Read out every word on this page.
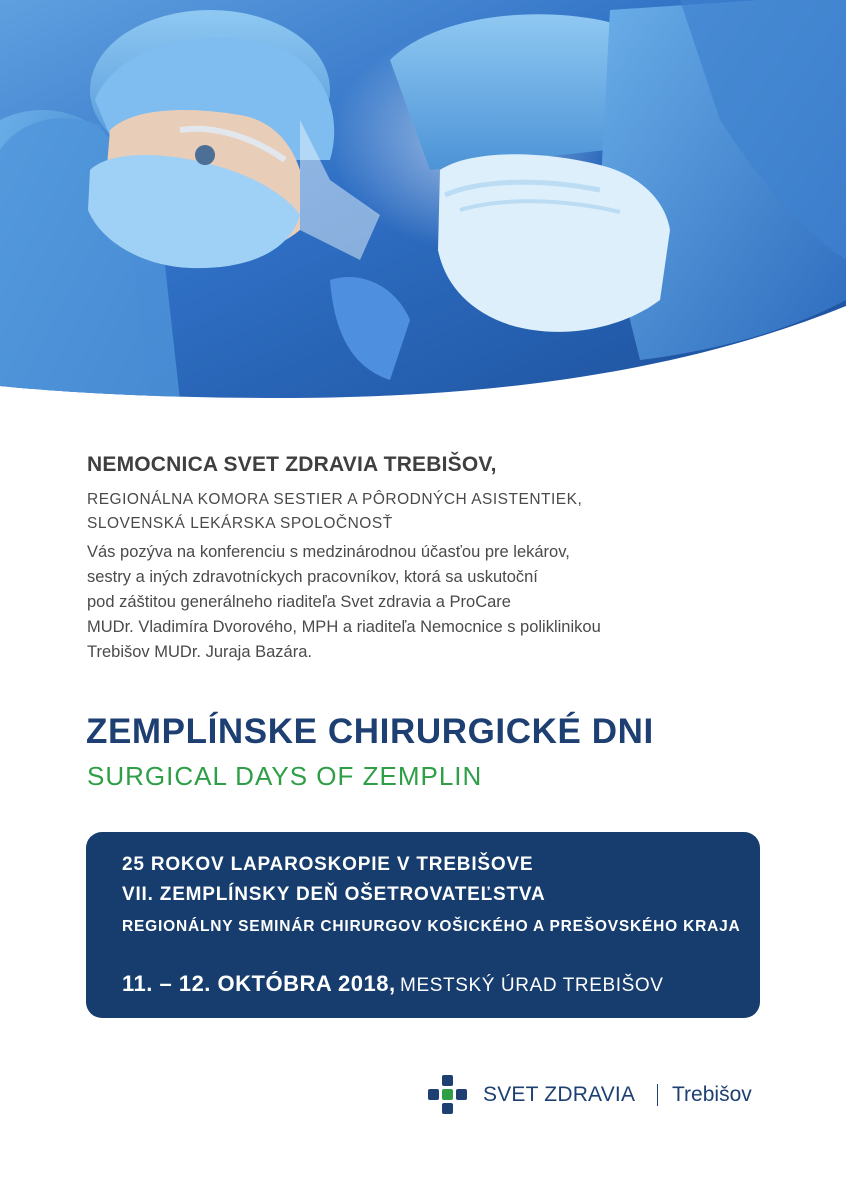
NEMOCNICA SVET ZDRAVIA TREBIŠOV,
REGIONÁLNA KOMORA SESTIER A PÔRODNÝCH ASISTENTIEK,
SLOVENSKÁ LEKÁRSKA SPOLOČNOSŤ
Vás pozýva na konferenciu s medzinárodnou účasťou pre lekárov,
sestry a iných zdravotníckych pracovníkov, ktorá sa uskutoční
pod záštitou generálneho riaditeľa Svet zdravia a ProCare
MUDr. Vladimíra Dvorového, MPH a riaditeľa Nemocnice s poliklinikou
Trebišov MUDr. Juraja Bazára.
ZEMPLÍNSKE CHIRURGICKÉ DNI
SURGICAL DAYS OF ZEMPLIN
25 ROKOV LAPAROSKOPIE V TREBIŠOVE
VII. ZEMPLÍNSKY DEŇ OŠETROVATEĽSTVA
REGIONÁLNY SEMINÁR CHIRURGOV KOŠICKÉHO A PREŠOVSKÉHO KRAJA
11. – 12. OKTÓBRA 2018, MESTSKÝ ÚRAD TREBIŠOV
SVET ZDRAVIA Trebišov
